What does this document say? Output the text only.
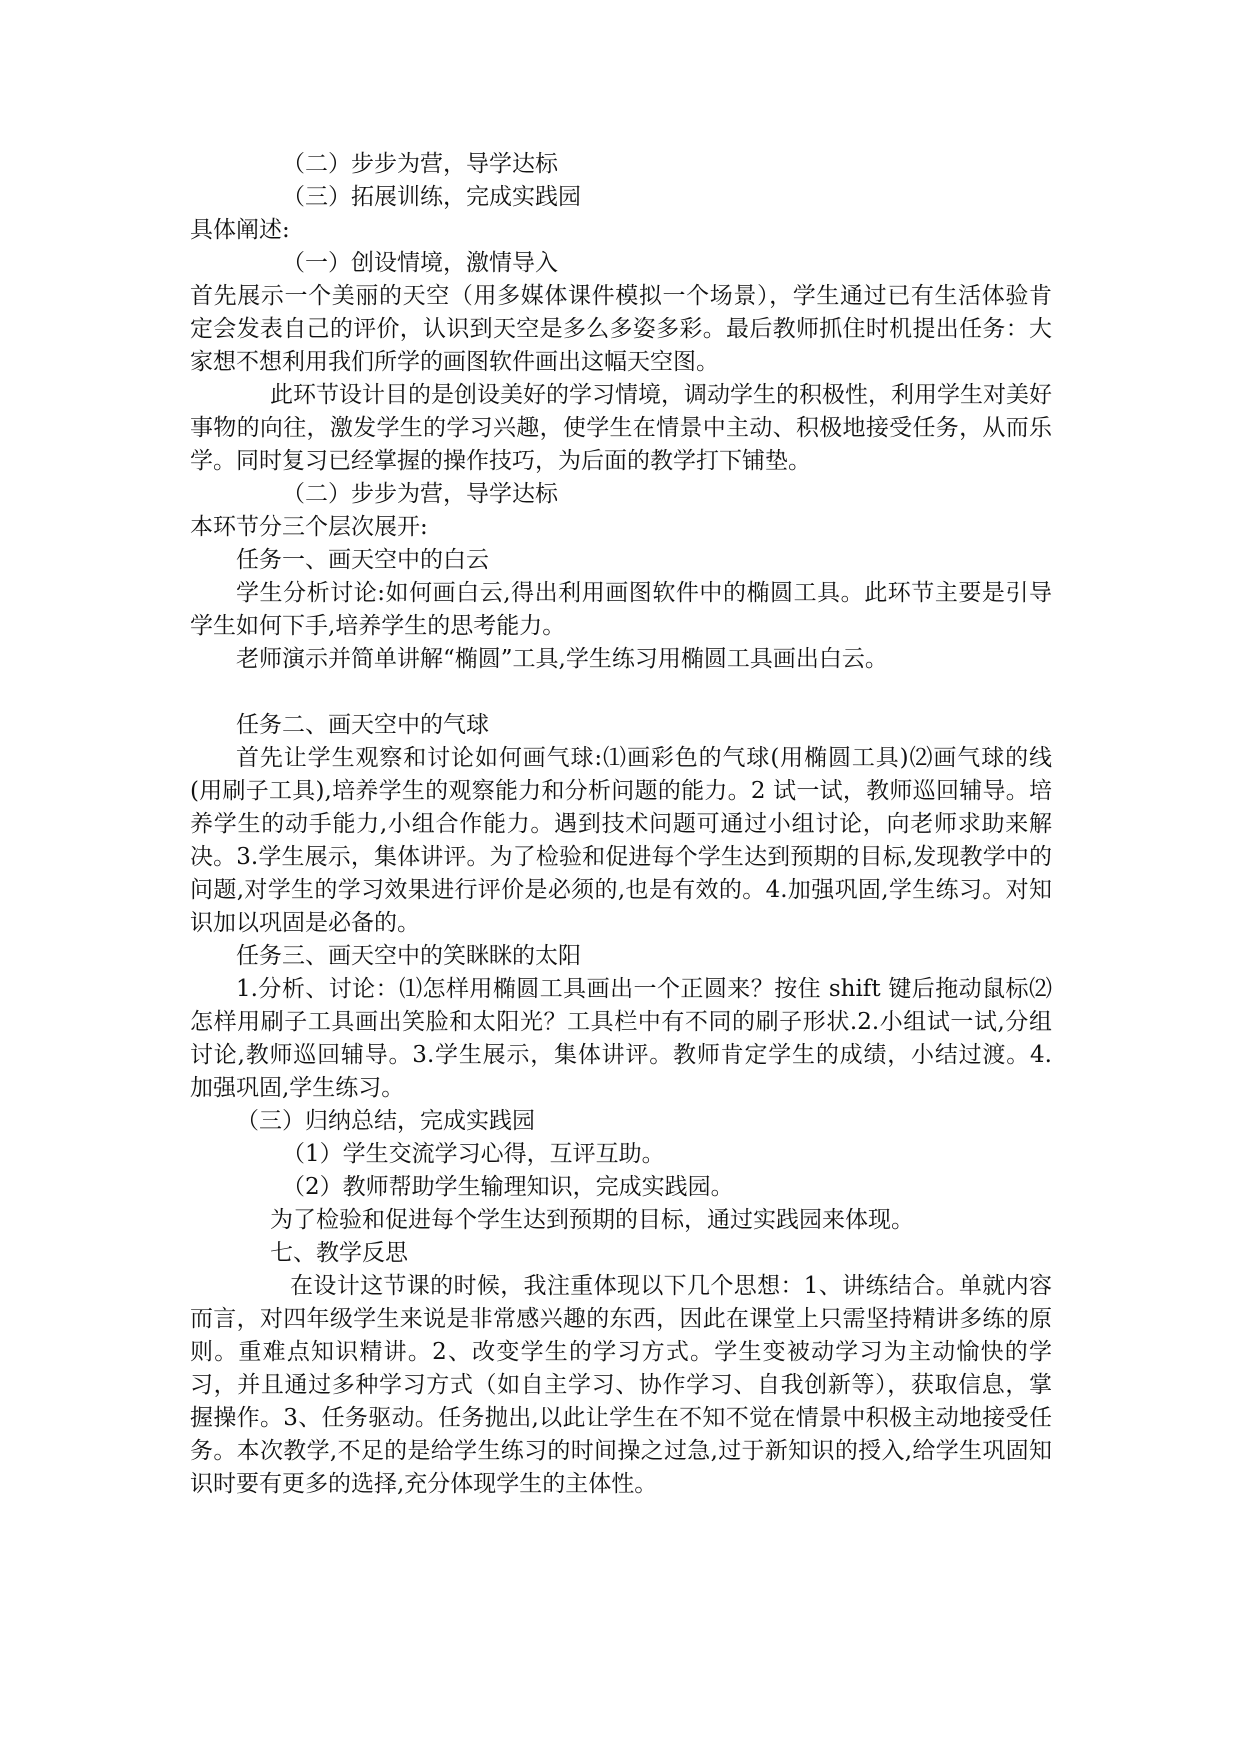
（二）步步为营，导学达标

（三）拓展训练，完成实践园

具体阐述:

（一）创设情境，激情导入

首先展示一个美丽的天空（用多媒体课件模拟一个场景），学生通过已有生活体验肯定会发表自己的评价，认识到天空是多么多姿多彩。最后教师抓住时机提出任务：大家想不想利用我们所学的画图软件画出这幅天空图。

此环节设计目的是创设美好的学习情境，调动学生的积极性，利用学生对美好事物的向往，激发学生的学习兴趣，使学生在情景中主动、积极地接受任务，从而乐学。同时复习已经掌握的操作技巧，为后面的教学打下铺垫。

（二）步步为营，导学达标

本环节分三个层次展开:

任务一、画天空中的白云

学生分析讨论:如何画白云,得出利用画图软件中的椭圆工具。此环节主要是引导学生如何下手,培养学生的思考能力。

老师演示并简单讲解“椭圆”工具,学生练习用椭圆工具画出白云。

任务二、画天空中的气球

首先让学生观察和讨论如何画气球:⑴画彩色的气球(用椭圆工具)⑵画气球的线(用刷子工具),培养学生的观察能力和分析问题的能力。2 试一试，教师巡回辅导。培养学生的动手能力,小组合作能力。遇到技术问题可通过小组讨论，向老师求助来解决。3.学生展示，集体讲评。为了检验和促进每个学生达到预期的目标,发现教学中的问题,对学生的学习效果进行评价是必须的,也是有效的。4.加强巩固,学生练习。对知识加以巩固是必备的。

任务三、画天空中的笑眯眯的太阳

1.分析、讨论：⑴怎样用椭圆工具画出一个正圆来？按住 shift 键后拖动鼠标⑵怎样用刷子工具画出笑脸和太阳光？工具栏中有不同的刷子形状.2.小组试一试,分组讨论,教师巡回辅导。3.学生展示，集体讲评。教师肯定学生的成绩，小结过渡。4. 加强巩固,学生练习。

（三）归纳总结，完成实践园

（1）学生交流学习心得，互评互助。

（2）教师帮助学生输理知识，完成实践园。

为了检验和促进每个学生达到预期的目标，通过实践园来体现。

七、教学反思

在设计这节课的时候，我注重体现以下几个思想：1、讲练结合。单就内容而言，对四年级学生来说是非常感兴趣的东西，因此在课堂上只需坚持精讲多练的原则。重难点知识精讲。2、改变学生的学习方式。学生变被动学习为主动愉快的学习，并且通过多种学习方式（如自主学习、协作学习、自我创新等），获取信息，掌握操作。3、任务驱动。任务抛出,以此让学生在不知不觉在情景中积极主动地接受任务。本次教学,不足的是给学生练习的时间操之过急,过于新知识的授入,给学生巩固知识时要有更多的选择,充分体现学生的主体性。
